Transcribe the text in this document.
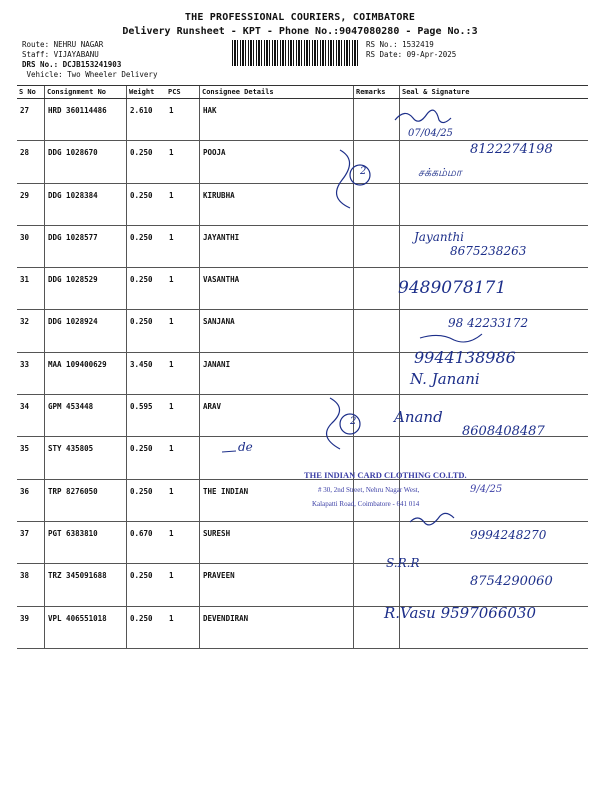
THE PROFESSIONAL COURIERS, COIMBATORE
Delivery Runsheet - KPT - Phone No.:9047080280 - Page No.:3
Route: NEHRU NAGAR
Staff: VIJAYABANU
DRS No.: DCJB153241903
Vehicle: Two Wheeler Delivery
RS No.: 1532419
RS Date: 09-Apr-2025
S No	Consignment No	Weight	PCS	Consignee Details	Remarks	Seal & Signature
27	HRD 360114486	2.610	1	HAK		
28	DDG 1028670	0.250	1	POOJA		
29	DDG 1028384	0.250	1	KIRUBHA		
30	DDG 1028577	0.250	1	JAYANTHI		
31	DDG 1028529	0.250	1	VASANTHA		
32	DDG 1028924	0.250	1	SANJANA		
33	MAA 109400629	3.450	1	JANANI		
34	GPM 453448	0.595	1	ARAV		
35	STY 435805	0.250	1			
36	TRP 8276050	0.250	1	THE INDIAN		
37	PGT 6383810	0.670	1	SURESH		
38	TRZ 345091688	0.250	1	PRAVEEN		
39	VPL 406551018	0.250	1	DEVENDIRAN		
07/04/25
8122274198
சக்கம்மா
2
Jayanthi
8675238263
9489078171
98 42233172
9944138986
N. Janani
Anand
8608408487
2
de
9994248270
S.R.R
8754290060
R.Vasu 9597066030
THE INDIAN CARD CLOTHING CO.LTD.
# 30, 2nd Street, Nehru Nagar West,
Kalapatti Road, Coimbatore - 641 014
9/4/25
